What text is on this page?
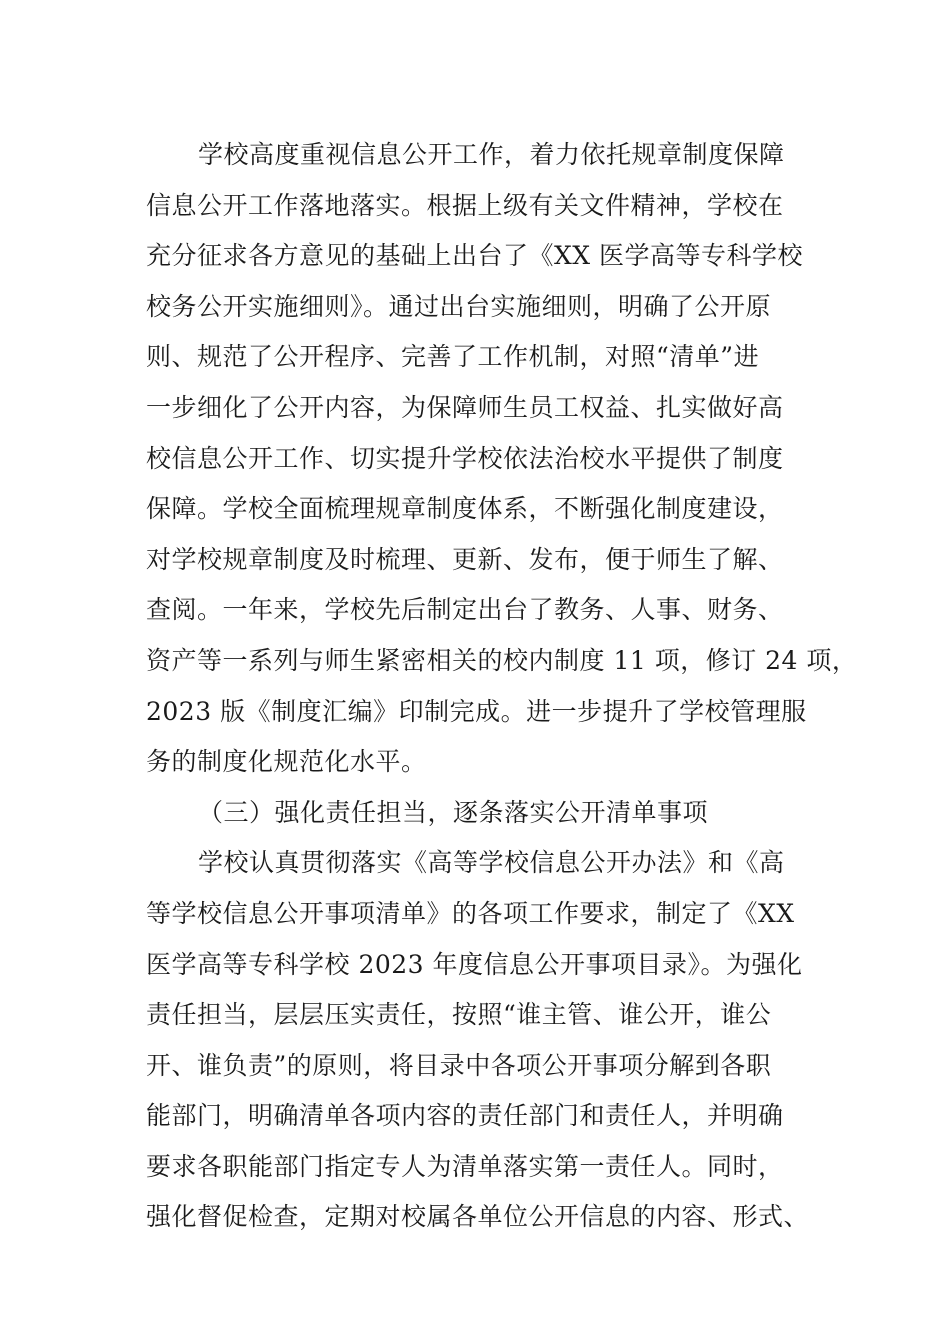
学校高度重视信息公开工作，着力依托规章制度保障
信息公开工作落地落实。根据上级有关文件精神，学校在
充分征求各方意见的基础上出台了《XX 医学高等专科学校
校务公开实施细则》。通过出台实施细则，明确了公开原
则、规范了公开程序、完善了工作机制，对照“清单”进
一步细化了公开内容，为保障师生员工权益、扎实做好高
校信息公开工作、切实提升学校依法治校水平提供了制度
保障。学校全面梳理规章制度体系，不断强化制度建设，
对学校规章制度及时梳理、更新、发布，便于师生了解、
查阅。一年来，学校先后制定出台了教务、人事、财务、
资产等一系列与师生紧密相关的校内制度 11 项，修订 24 项，
2023 版《制度汇编》印制完成。进一步提升了学校管理服
务的制度化规范化水平。
（三）强化责任担当，逐条落实公开清单事项
学校认真贯彻落实《高等学校信息公开办法》和《高
等学校信息公开事项清单》的各项工作要求，制定了《XX
医学高等专科学校 2023 年度信息公开事项目录》。为强化
责任担当，层层压实责任，按照“谁主管、谁公开，谁公
开、谁负责”的原则，将目录中各项公开事项分解到各职
能部门，明确清单各项内容的责任部门和责任人，并明确
要求各职能部门指定专人为清单落实第一责任人。同时，
强化督促检查，定期对校属各单位公开信息的内容、形式、
